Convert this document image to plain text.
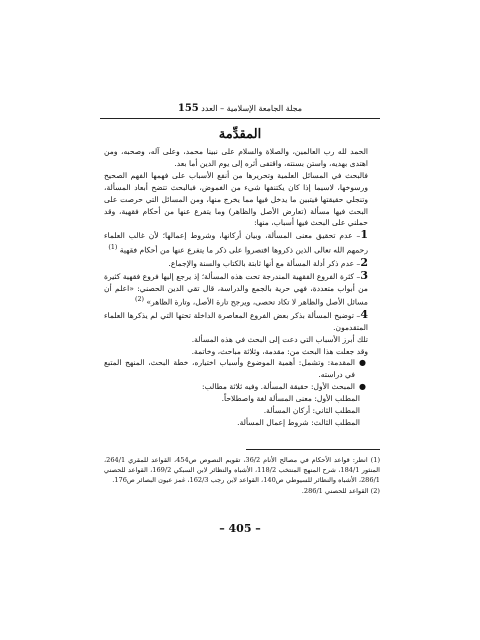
مجلة الجامعة الإسلامية – العدد 155
المقدِّمة

الحمد لله رب العالمين، والصلاة والسلام على نبينا محمد، وعلى آله، وصحبه، ومن اهتدى بهديه، واستن بسنته، واقتفى أثره إلى يوم الدين أما بعد.

فالبحث في المسائل العلمية وتحريرها من أنفع الأسباب على فهمها الفهم الصحيح ورسوخها، لاسيما إذا كان يكتنفها شيء من الغموض، فبالبحث تتضح أبعاد المسألة، وتنجلي حقيقتها فيتبين ما يدخل فيها مما يخرج منها، ومن المسائل التي حرصت على البحث فيها مسألة (تعارض الأصل والظاهر) وما يتفرع عنها من أحكام فقهية، وقد حملني على البحث فيها أسباب، منها:

1– عدم تحقيق معنى المسألة، وبيان أركانها، وشروط إعمالها؛ لأن غالب العلماء رحمهم الله تعالى الذين ذكروها اقتصروا على ذكر ما يتفرع عنها من أحكام فقهية $^{(1)}$

2– عدم ذكر أدلة المسألة مع أنها ثابتة بالكتاب والسنة والإجماع.

3– كثرة الفروع الفقهية المندرجة تحت هذه المسألة؛ إذ يرجع إليها فروع فقهية كثيرة من أبواب متعددة، فهي حرية بالجمع والدراسة، قال تقي الدين الحصني: «اعلم أن مسائل الأصل والظاهر لا تكاد تحصى، ويرجح تارة الأصل، وتارة الظاهر» $^{(2)}$

4– توضيح المسألة بذكر بعض الفروع المعاصرة الداخلة تحتها التي لم يذكرها العلماء المتقدمون.

تلك أبرز الأسباب التي دعت إلى البحث في هذه المسألة.

وقد جعلت هذا البحث من: مقدمة، وثلاثة مباحث، وخاتمة.

●
المقدمة: وتشمل: أهمية الموضوع وأسباب اختياره، خطة البحث، المنهج المتبع في دراسته.
●
المبحث الأول: حقيقة المسألة. وفيه ثلاثة مطالب:

المطلب الأول: معنى المسألة لغة واصطلاحاً.

المطلب الثاني: أركان المسألة.

المطلب الثالث: شروط إعمال المسألة.

(1) انظر: قواعد الأحكام في مصالح الأنام 36/2، تقويم النصوص ص454، القواعد للمقري 264/1، المنثور 184/1، شرح المنهج المنتخب 118/2، الأشباه والنظائر لابن السبكي 169/2، القواعد للحصني 286/1، الأشباه والنظائر للسيوطي ص140، القواعد لابن رجب 162/3، غمز عيون البصائر ص176.

(2) القواعد للحصني 286/1.

– 405 –
